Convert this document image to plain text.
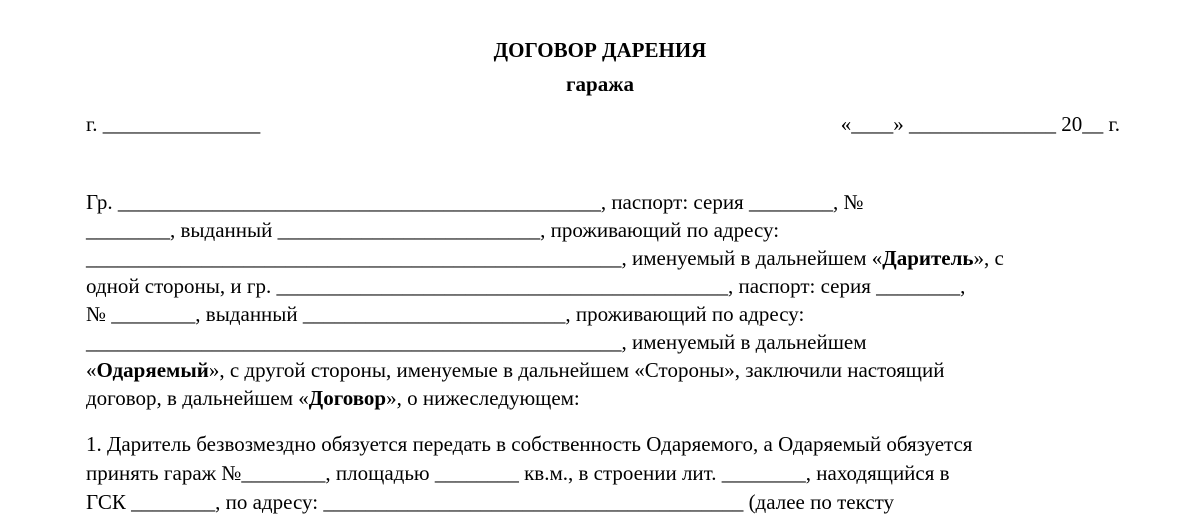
ДОГОВОР ДАРЕНИЯ
гаража
г. _______________	«____» ______________ 20__ г.
Гр. ______________________________________________, паспорт: серия ________, №
________, выданный _________________________, проживающий по адресу:
___________________________________________________, именуемый в дальнейшем «Даритель», с
одной стороны, и гр. ___________________________________________, паспорт: серия ________,
№ ________, выданный _________________________, проживающий по адресу:
___________________________________________________, именуемый в дальнейшем
«Одаряемый», с другой стороны, именуемые в дальнейшем «Стороны», заключили настоящий
договор, в дальнейшем «Договор», о нижеследующем:
1. Даритель безвозмездно обязуется передать в собственность Одаряемого, а Одаряемый обязуется
принять гараж №________, площадью ________ кв.м., в строении лит. ________, находящийся в
ГСК ________, по адресу: ________________________________________ (далее по тексту
